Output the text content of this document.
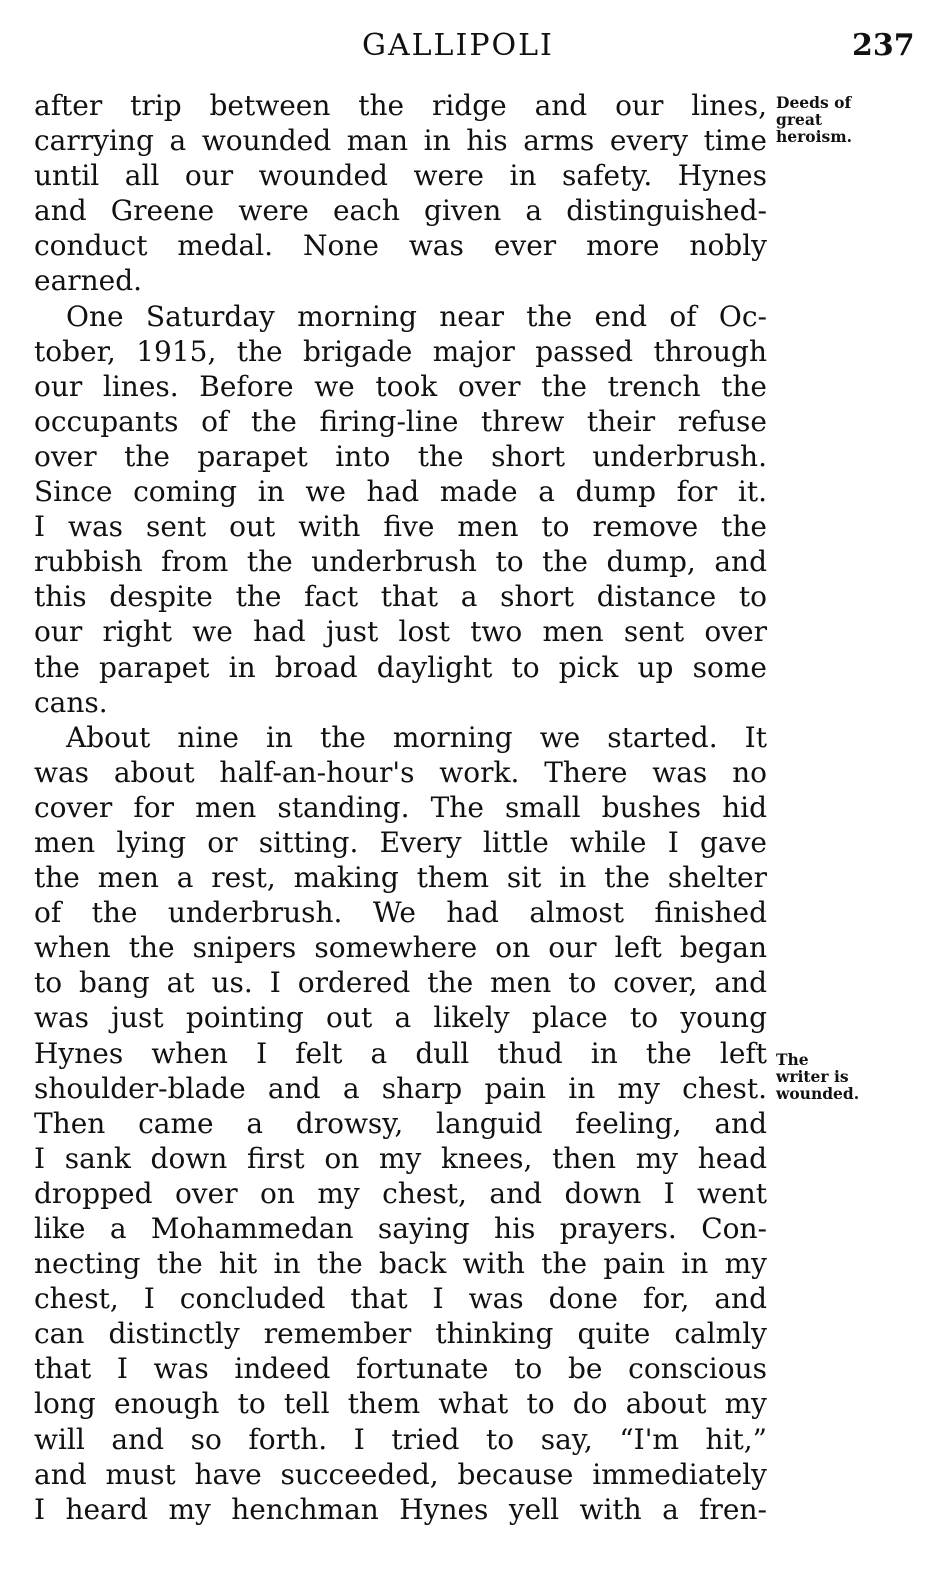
GALLIPOLI	237
Deeds of
great
heroism.
The
writer is
wounded.
after trip between the ridge and our lines,
carrying a wounded man in his arms every time
until all our wounded were in safety. Hynes
and Greene were each given a distinguished-
conduct medal. None was ever more nobly
earned.
One Saturday morning near the end of Oc-
tober, 1915, the brigade major passed through
our lines. Before we took over the trench the
occupants of the firing-line threw their refuse
over the parapet into the short underbrush.
Since coming in we had made a dump for it.
I was sent out with five men to remove the
rubbish from the underbrush to the dump, and
this despite the fact that a short distance to
our right we had just lost two men sent over
the parapet in broad daylight to pick up some
cans.
About nine in the morning we started. It
was about half-an-hour's work. There was no
cover for men standing. The small bushes hid
men lying or sitting. Every little while I gave
the men a rest, making them sit in the shelter
of the underbrush. We had almost finished
when the snipers somewhere on our left began
to bang at us. I ordered the men to cover, and
was just pointing out a likely place to young
Hynes when I felt a dull thud in the left
shoulder-blade and a sharp pain in my chest.
Then came a drowsy, languid feeling, and
I sank down first on my knees, then my head
dropped over on my chest, and down I went
like a Mohammedan saying his prayers. Con-
necting the hit in the back with the pain in my
chest, I concluded that I was done for, and
can distinctly remember thinking quite calmly
that I was indeed fortunate to be conscious
long enough to tell them what to do about my
will and so forth. I tried to say, “I'm hit,”
and must have succeeded, because immediately
I heard my henchman Hynes yell with a fren-
